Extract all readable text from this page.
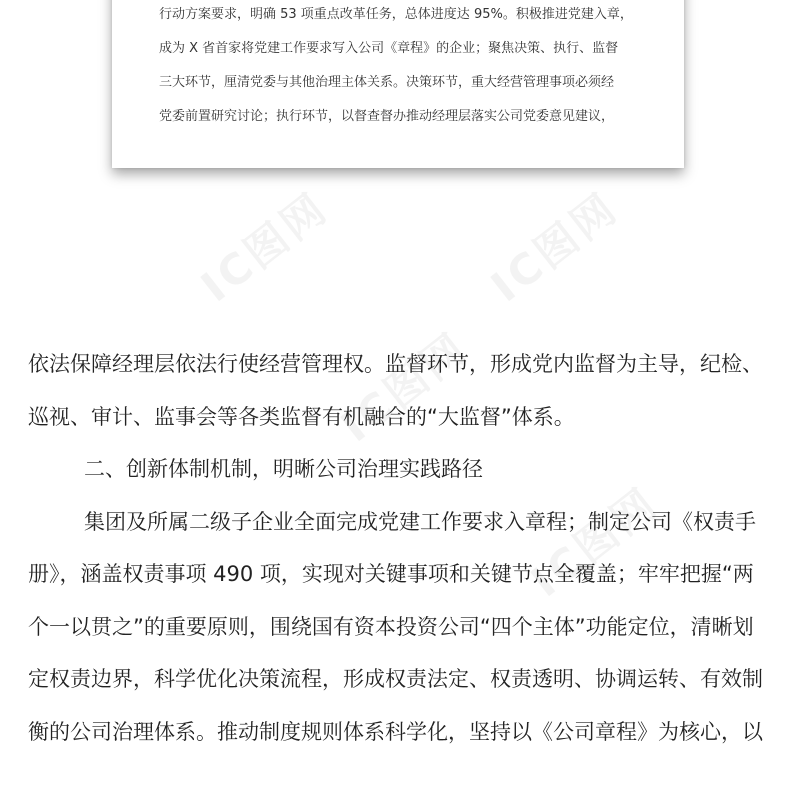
行动方案要求，明确 53 项重点改革任务，总体进度达 95%。积极推进党建入章，
成为 X 省首家将党建工作要求写入公司《章程》的企业；聚焦决策、执行、监督
三大环节，厘清党委与其他治理主体关系。决策环节，重大经营管理事项必须经
党委前置研究讨论；执行环节，以督查督办推动经理层落实公司党委意见建议，
IC图网	IC图网
IC图网
IC图网
依法保障经理层依法行使经营管理权。监督环节，形成党内监督为主导，纪检、
巡视、审计、监事会等各类监督有机融合的“大监督”体系。
二、创新体制机制，明晰公司治理实践路径
集团及所属二级子企业全面完成党建工作要求入章程；制定公司《权责手
册》，涵盖权责事项 490 项，实现对关键事项和关键节点全覆盖；牢牢把握“两
个一以贯之”的重要原则，围绕国有资本投资公司“四个主体”功能定位，清晰划
定权责边界，科学优化决策流程，形成权责法定、权责透明、协调运转、有效制
衡的公司治理体系。推动制度规则体系科学化，坚持以《公司章程》为核心，以
